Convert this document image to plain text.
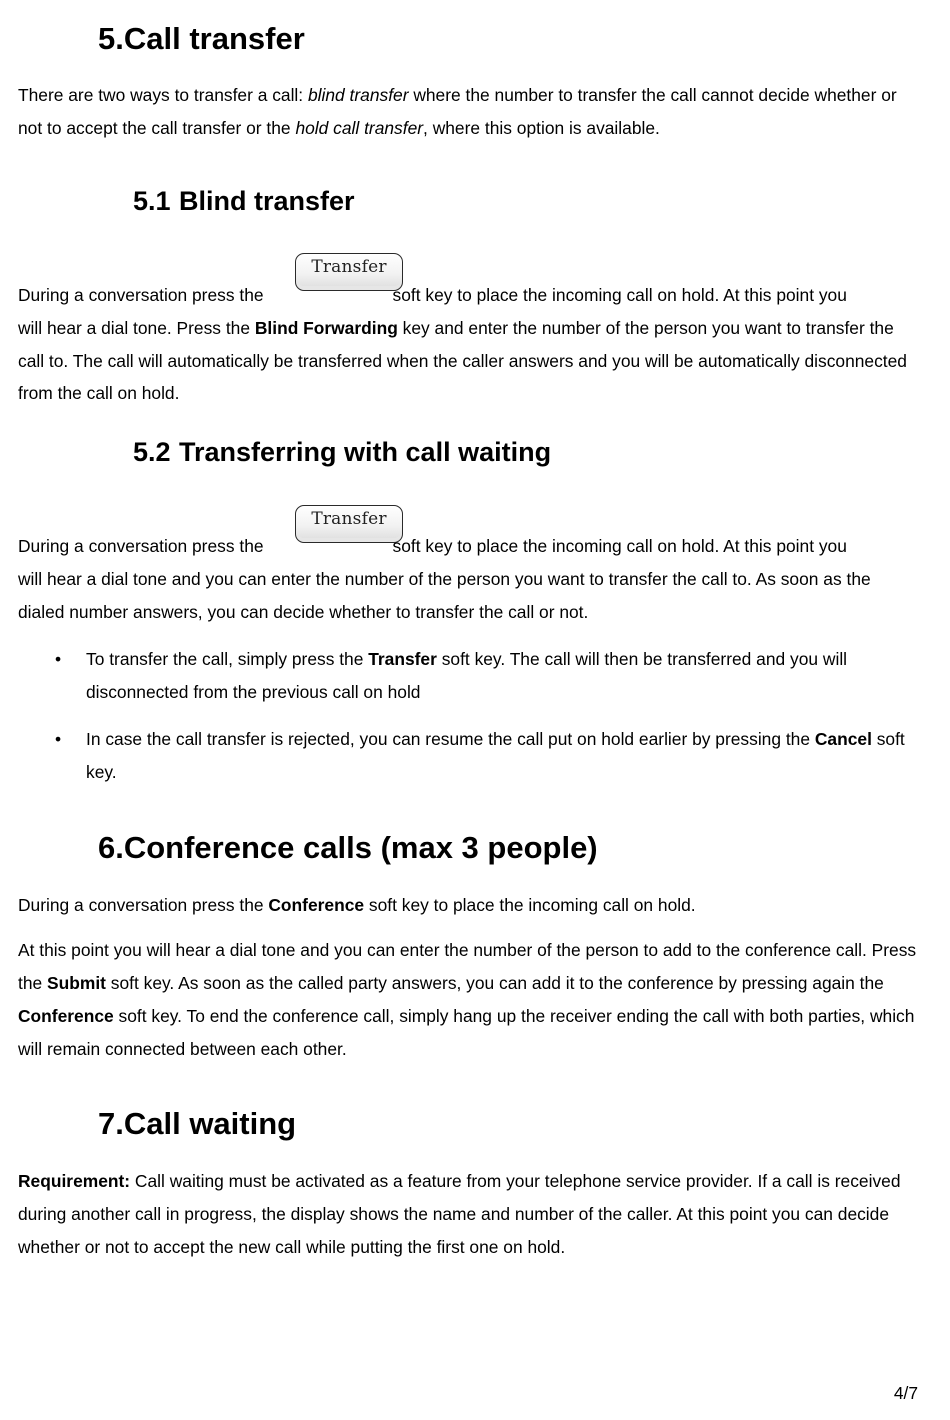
5.Call transfer

There are two ways to transfer a call: blind transfer where the number to transfer the call cannot decide whether or not to accept the call transfer or the hold call transfer, where this option is available.

5.1 Blind transfer
Transfer

During a conversation press the	soft key to place the incoming call on hold. At this point you

will hear a dial tone. Press the Blind Forwarding key and enter the number of the person you want to transfer the call to. The call will automatically be transferred when the caller answers and you will be automatically disconnected from the call on hold.

5.2 Transferring with call waiting
Transfer

During a conversation press the	soft key to place the incoming call on hold. At this point you

will hear a dial tone and you can enter the number of the person you want to transfer the call to. As soon as the dialed number answers, you can decide whether to transfer the call or not.

• To transfer the call, simply press the Transfer soft key. The call will then be transferred and you will disconnected from the previous call on hold
• In case the call transfer is rejected, you can resume the call put on hold earlier by pressing the Cancel soft key.
6.Conference calls (max 3 people)

During a conversation press the Conference soft key to place the incoming call on hold.

At this point you will hear a dial tone and you can enter the number of the person to add to the conference call. Press the Submit soft key. As soon as the called party answers, you can add it to the conference by pressing again the Conference soft key. To end the conference call, simply hang up the receiver ending the call with both parties, which will remain connected between each other.

7.Call waiting

Requirement: Call waiting must be activated as a feature from your telephone service provider. If a call is received during another call in progress, the display shows the name and number of the caller. At this point you can decide whether or not to accept the new call while putting the first one on hold.

4/7
